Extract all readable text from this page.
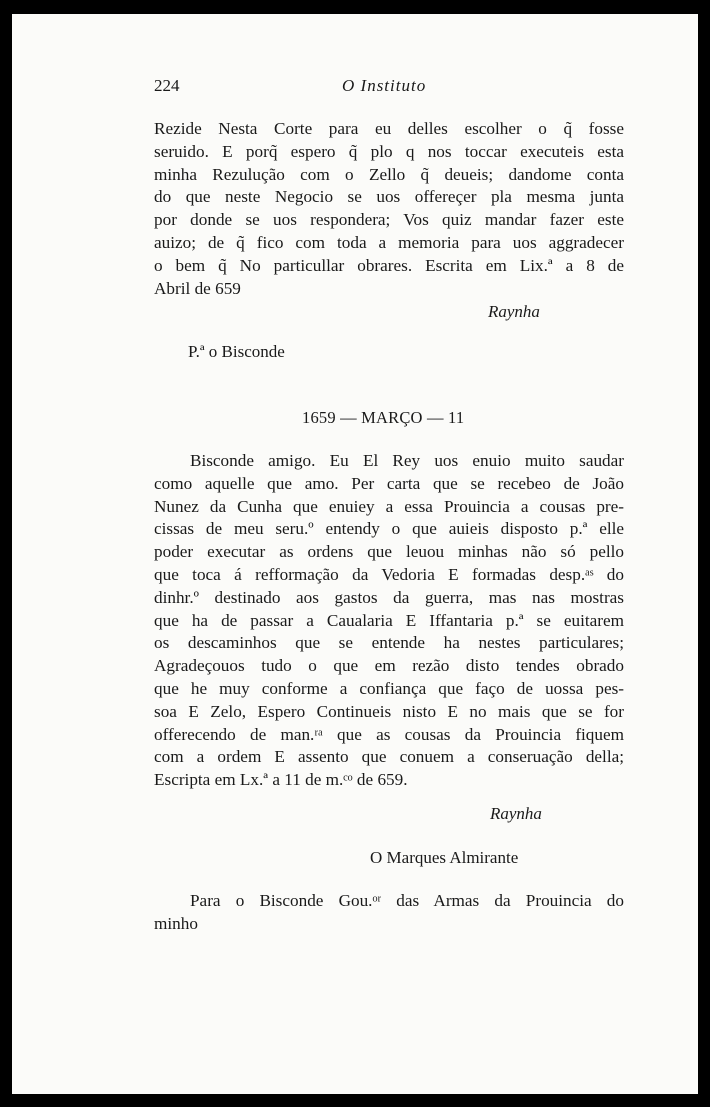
224	O Instituto
Rezide Nesta Corte para eu delles escolher o q̃ fosse
seruido. E porq̃ espero q̃ plo q nos toccar executeis esta
minha Rezulução com o Zello q̃ deueis; dandome conta
do que neste Negocio se uos offereçer pla mesma junta
por donde se uos respondera; Vos quiz mandar fazer este
auizo; de q̃ fico com toda a memoria para uos aggradecer
o bem q̃ No particullar obrares. Escrita em Lix.ª a 8 de
Abril de 659
Raynha
P.ª o Bisconde
1659 — MARÇO — 11
Bisconde amigo. Eu El Rey uos enuio muito saudar
como aquelle que amo. Per carta que se recebeo de João
Nunez da Cunha que enuiey a essa Prouincia a cousas pre-
cissas de meu seru.º entendy o que auieis disposto p.ª elle
poder executar as ordens que leuou minhas não só pello
que toca á refformação da Vedoria E formadas desp.ᵃˢ do
dinhr.º destinado aos gastos da guerra, mas nas mostras
que ha de passar a Caualaria E Iffantaria p.ª se euitarem
os descaminhos que se entende ha nestes particulares;
Agradeçouos tudo o que em rezão disto tendes obrado
que he muy conforme a confiança que faço de uossa pes-
soa E Zelo, Espero Continueis nisto E no mais que se for
offerecendo de man.ʳᵃ que as cousas da Prouincia fiquem
com a ordem E assento que conuem a conseruação della;
Escripta em Lx.ª a 11 de m.ᶜᵒ de 659.
Raynha
O Marques Almirante
Para o Bisconde Gou.ᵒʳ das Armas da Prouincia do
minho
